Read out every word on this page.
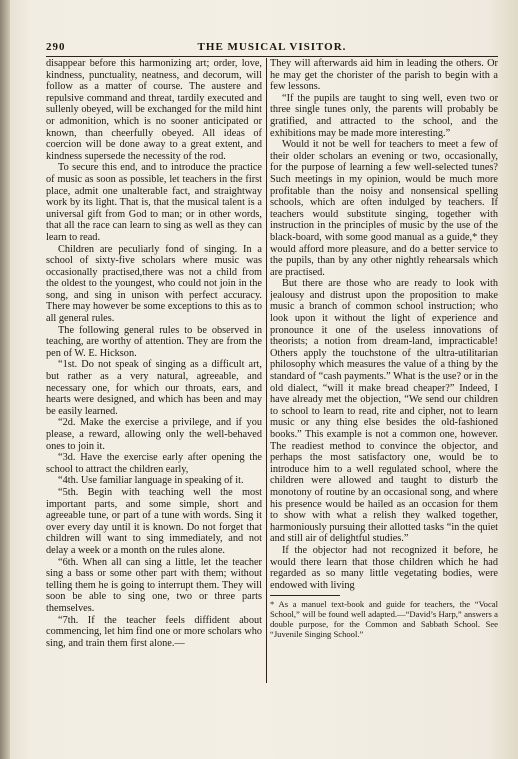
290	THE MUSICAL VISITOR.

disappear before this harmonizing art; order, love, kindness, punctuality, neatness, and decorum, will follow as a matter of course. The austere and repulsive command and threat, tardily executed and sullenly obeyed, will be exchanged for the mild hint or admonition, which is no sooner anticipated or known, than cheerfully obeyed. All ideas of coercion will be done away to a great extent, and kindness supersede the necessity of the rod.

To secure this end, and to introduce the practice of music as soon as possible, let teachers in the first place, admit one unalterable fact, and straightway work by its light. That is, that the musical talent is a universal gift from God to man; or in other words, that all the race can learn to sing as well as they can learn to read.

Children are peculiarly fond of singing. In a school of sixty-five scholars where music was occasionally practised,there was not a child from the oldest to the youngest, who could not join in the song, and sing in unison with perfect accuracy. There may however be some exceptions to this as to all general rules.

The following general rules to be observed in teaching, are worthy of attention. They are from the pen of W. E. Hickson.

“1st. Do not speak of singing as a difficult art, but rather as a very natural, agreeable, and necessary one, for which our throats, ears, and hearts were designed, and which has been and may be easily learned.

“2d. Make the exercise a privilege, and if you please, a reward, allowing only the well-behaved ones to join it.

“3d. Have the exercise early after opening the school to attract the children early,

“4th. Use familiar language in speaking of it.

“5th. Begin with teaching well the most important parts, and some simple, short and agreeable tune, or part of a tune with words. Sing it over every day until it is known. Do not forget that children will want to sing immediately, and not delay a week or a month on the rules alone.

“6th. When all can sing a little, let the teacher sing a bass or some other part with them; without telling them he is going to interrupt them. They will soon be able to sing one, two or three parts themselves.

“7th. If the teacher feels diffident about commencing, let him find one or more scholars who sing, and train them first alone.—

They will afterwards aid him in leading the others. Or he may get the chorister of the parish to begin with a few lessons.

“If the pupils are taught to sing well, even two or three single tunes only, the parents will probably be gratified, and attracted to the school, and the exhibitions may be made more interesting.”

Would it not be well for teachers to meet a few of their older scholars an evening or two, occasionally, for the purpose of learning a few well-selected tunes? Such meetings in my opinion, would be much more profitable than the noisy and nonsensical spelling schools, which are often indulged by teachers. If teachers would substitute singing, together with instruction in the principles of music by the use of the black-board, with some good manual as a guide,* they would afford more pleasure, and do a better service to the pupils, than by any other nightly rehearsals which are practised.

But there are those who are ready to look with jealousy and distrust upon the proposition to make music a branch of common school instruction; who look upon it without the light of experience and pronounce it one of the useless innovations of theorists; a notion from dream-land, impracticable! Others apply the touchstone of the ultra-utilitarian philosophy which measures the value of a thing by the standard of “cash payments.” What is the use? or in the old dialect, “will it make bread cheaper?” Indeed, I have already met the objection, “We send our children to school to learn to read, rite and cipher, not to learn music or any thing else besides the old-fashioned books.” This example is not a common one, however. The readiest method to convince the objector, and perhaps the most satisfactory one, would be to introduce him to a well regulated school, where the children were allowed and taught to disturb the monotony of routine by an occasional song, and where his presence would be hailed as an occasion for them to show with what a relish they walked together, harmoniously pursuing their allotted tasks “in the quiet and still air of delightful studies.”

If the objector had not recognized it before, he would there learn that those children which he had regarded as so many little vegetating bodies, were endowed with living

* As a manuel text-book and guide for teachers, the “Vocal School,” will be found well adapted.—“David’s Harp,” answers a double purpose, for the Common and Sabbath School. See “Juvenile Singing School.”
